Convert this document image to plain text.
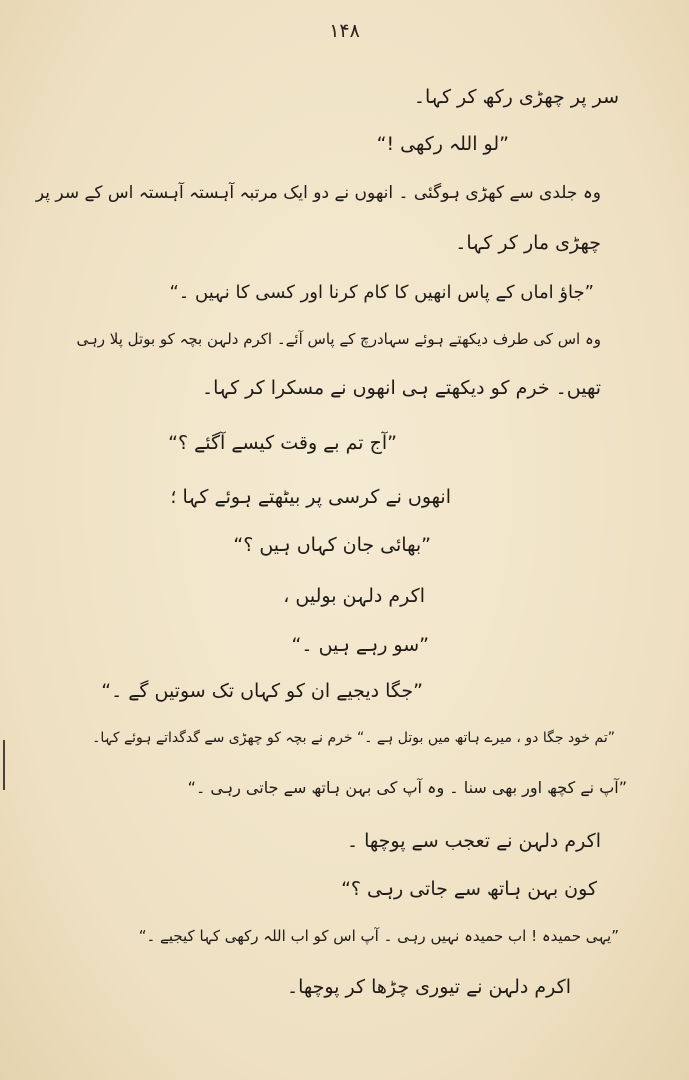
۱۴۸
سر پر چھڑی رکھ کر کہا۔
”لو اللہ رکھی !“
وہ جلدی سے کھڑی ہوگئی ۔ انھوں نے دو ایک مرتبہ آہستہ آہستہ اس کے سر پر
چھڑی مار کر کہا۔
”جاؤ اماں کے پاس انھیں کا کام کرنا اور کسی کا نہیں ۔“
وہ اس کی طرف دیکھتے ہوئے سہادرچ کے پاس آئے۔ اکرم دلہن بچہ کو بوتل پلا رہی
تھیں۔ خرم کو دیکھتے ہی انھوں نے مسکرا کر کہا۔
”آج تم بے وقت کیسے آگئے ؟“
انھوں نے کرسی پر بیٹھتے ہوئے کہا ؛
”بھائی جان کہاں ہیں ؟“
اکرم دلہن بولیں ،
”سو رہے ہیں ۔“
”جگا دیجیے ان کو کہاں تک سوتیں گے ۔“
”تم خود جگا دو ، میرے ہاتھ میں بوتل ہے ۔“ خرم نے بچہ کو چھڑی سے گدگداتے ہوئے کہا۔
”آپ نے کچھ اور بھی سنا ۔ وہ آپ کی بہن ہاتھ سے جاتی رہی ۔“
اکرم دلہن نے تعجب سے پوچھا ۔
کون بہن ہاتھ سے جاتی رہی ؟“
”یہی حمیدہ ! اب حمیدہ نہیں رہی ۔ آپ اس کو اب اللہ رکھی کہا کیجیے ۔“
اکرم دلہن نے تیوری چڑھا کر پوچھا۔
